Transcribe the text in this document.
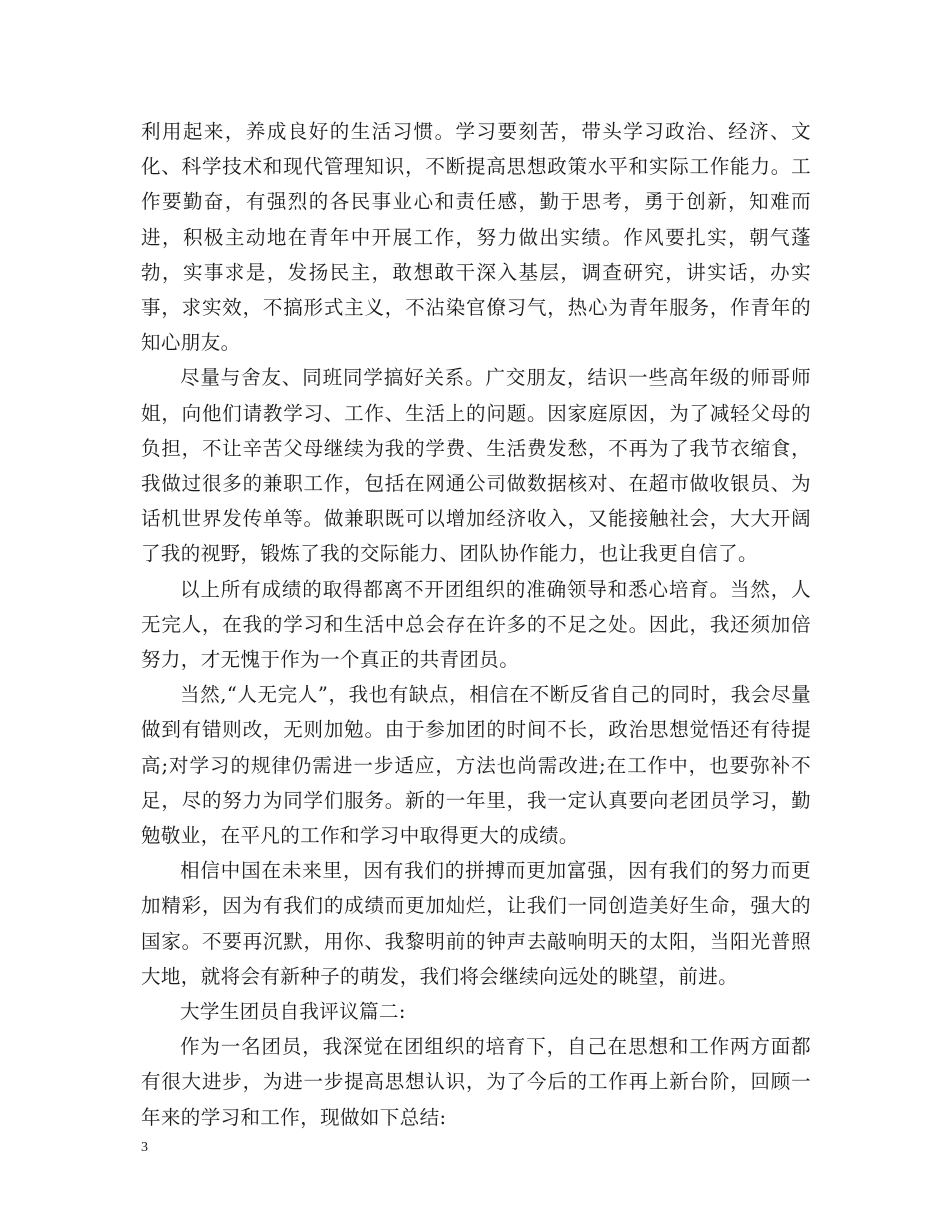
利用起来，养成良好的生活习惯。学习要刻苦，带头学习政治、经济、文化、科学技术和现代管理知识，不断提高思想政策水平和实际工作能力。工作要勤奋，有强烈的各民事业心和责任感，勤于思考，勇于创新，知难而进，积极主动地在青年中开展工作，努力做出实绩。作风要扎实，朝气蓬勃，实事求是，发扬民主，敢想敢干深入基层，调查研究，讲实话，办实事，求实效，不搞形式主义，不沾染官僚习气，热心为青年服务，作青年的知心朋友。

尽量与舍友、同班同学搞好关系。广交朋友，结识一些高年级的师哥师姐，向他们请教学习、工作、生活上的问题。因家庭原因，为了减轻父母的负担，不让辛苦父母继续为我的学费、生活费发愁，不再为了我节衣缩食，我做过很多的兼职工作，包括在网通公司做数据核对、在超市做收银员、为话机世界发传单等。做兼职既可以增加经济收入，又能接触社会，大大开阔了我的视野，锻炼了我的交际能力、团队协作能力，也让我更自信了。

以上所有成绩的取得都离不开团组织的准确领导和悉心培育。当然，人无完人，在我的学习和生活中总会存在许多的不足之处。因此，我还须加倍努力，才无愧于作为一个真正的共青团员。

当然,“人无完人”，我也有缺点，相信在不断反省自己的同时，我会尽量做到有错则改，无则加勉。由于参加团的时间不长，政治思想觉悟还有待提高;对学习的规律仍需进一步适应，方法也尚需改进;在工作中，也要弥补不足，尽的努力为同学们服务。新的一年里，我一定认真要向老团员学习，勤勉敬业，在平凡的工作和学习中取得更大的成绩。

相信中国在未来里，因有我们的拼搏而更加富强，因有我们的努力而更加精彩，因为有我们的成绩而更加灿烂，让我们一同创造美好生命，强大的国家。不要再沉默，用你、我黎明前的钟声去敲响明天的太阳，当阳光普照大地，就将会有新种子的萌发，我们将会继续向远处的眺望，前进。

大学生团员自我评议篇二:

作为一名团员，我深觉在团组织的培育下，自己在思想和工作两方面都有很大进步，为进一步提高思想认识，为了今后的工作再上新台阶，回顾一年来的学习和工作，现做如下总结:

3
